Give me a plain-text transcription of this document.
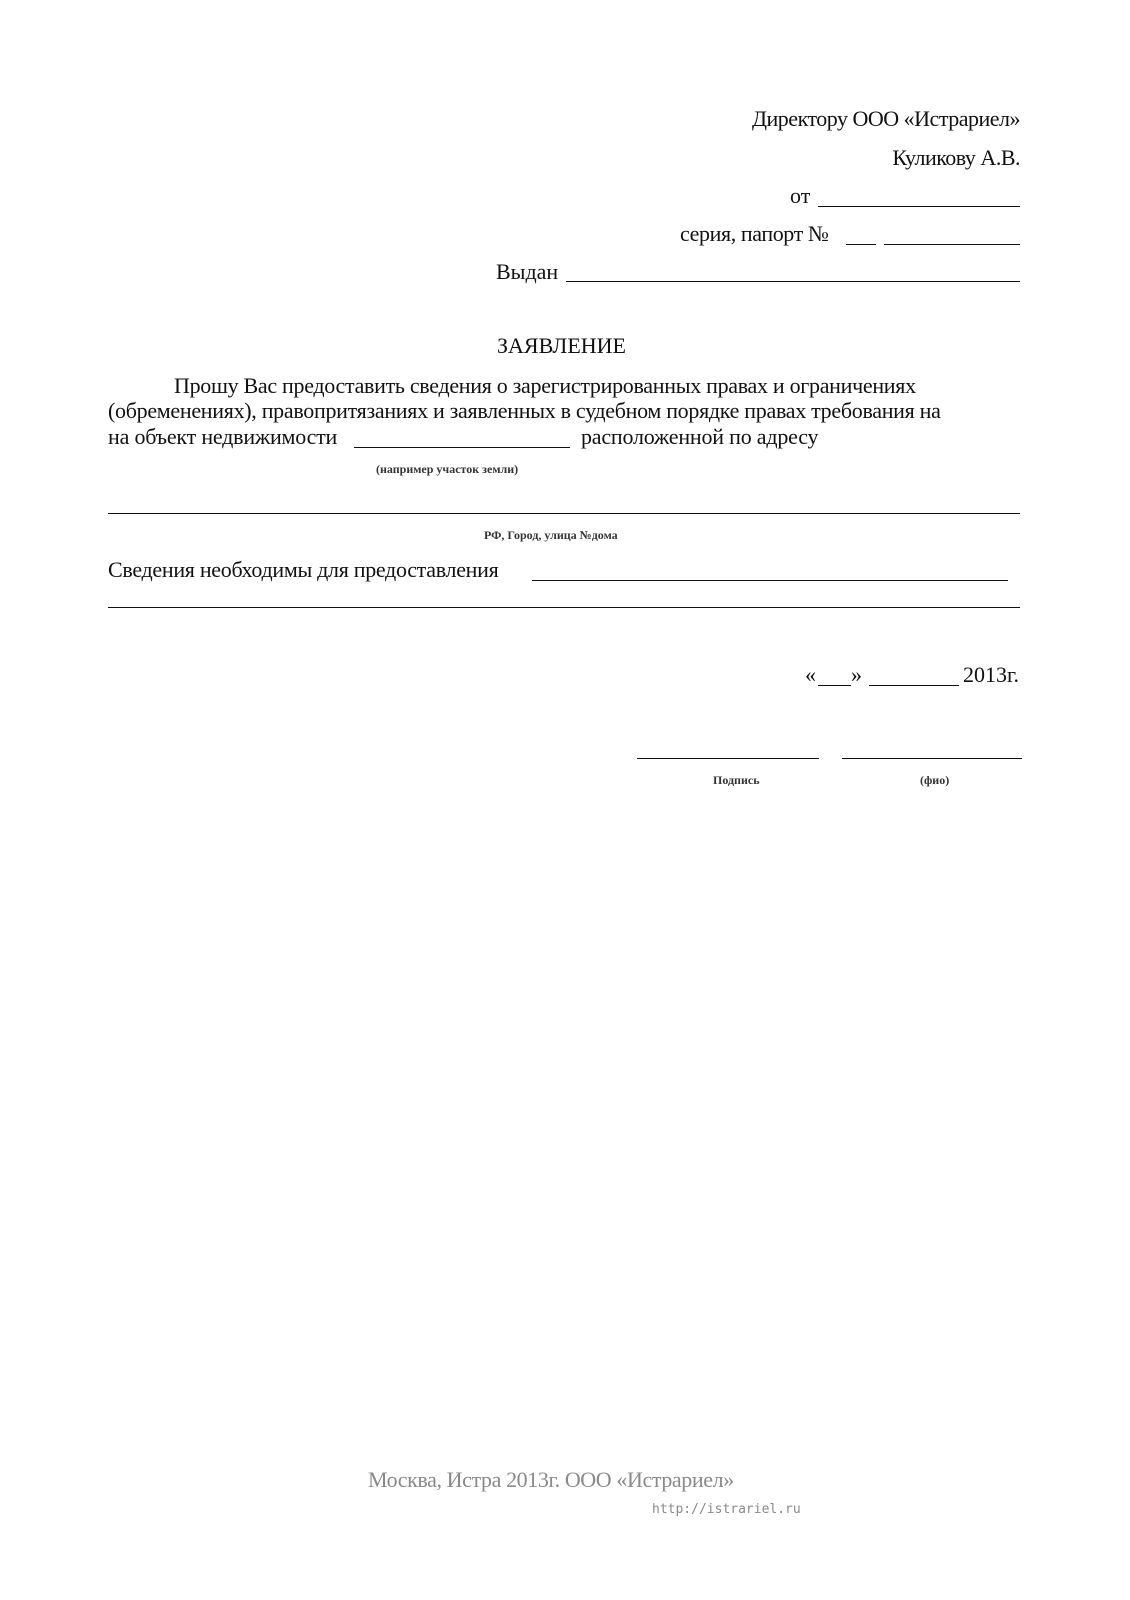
Директору ООО «Истрариел»
Куликову А.В.
от
серия, папорт №
Выдан
ЗАЯВЛЕНИЕ
Прошу Вас предоставить сведения о зарегистрированных правах и ограничениях
(обременениях), правопритязаниях и заявленных в судебном порядке правах требования на
на объект недвижимости	расположенной по адресу
(например участок земли)
РФ, Город, улица №дома
Сведения необходимы для предоставления
« »	2013г.
Подпись	(фио)
Москва, Истра 2013г. ООО «Истрариел»
http://istrariel.ru
